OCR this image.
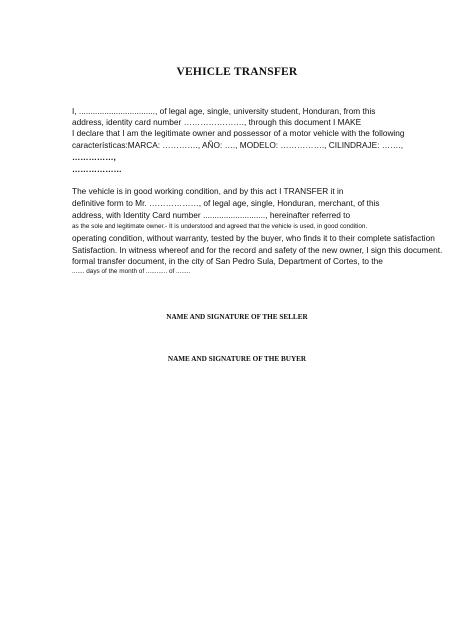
VEHICLE TRANSFER
I, ................................., of legal age, single, university student, Honduran, from this
address, identity card number …………………., through this document I MAKE
I declare that I am the legitimate owner and possessor of a motor vehicle with the following
características:MARCA: …………., AÑO: …., MODELO: ……………., CILINDRAJE: …….,
……………,
………………
The vehicle is in good working condition, and by this act I TRANSFER it in
definitive form to Mr. ………………, of legal age, single, Honduran, merchant, of this
address, with Identity Card number ..........................., hereinafter referred to
as the sole and legitimate owner.- It is understood and agreed that the vehicle is used, in good condition.
operating condition, without warranty, tested by the buyer, who finds it to their complete satisfaction
Satisfaction. In witness whereof and for the record and safety of the new owner, I sign this document.
formal transfer document, in the city of San Pedro Sula, Department of Cortes, to the
....... days of the month of ............ of ........
NAME AND SIGNATURE OF THE SELLER
NAME AND SIGNATURE OF THE BUYER
